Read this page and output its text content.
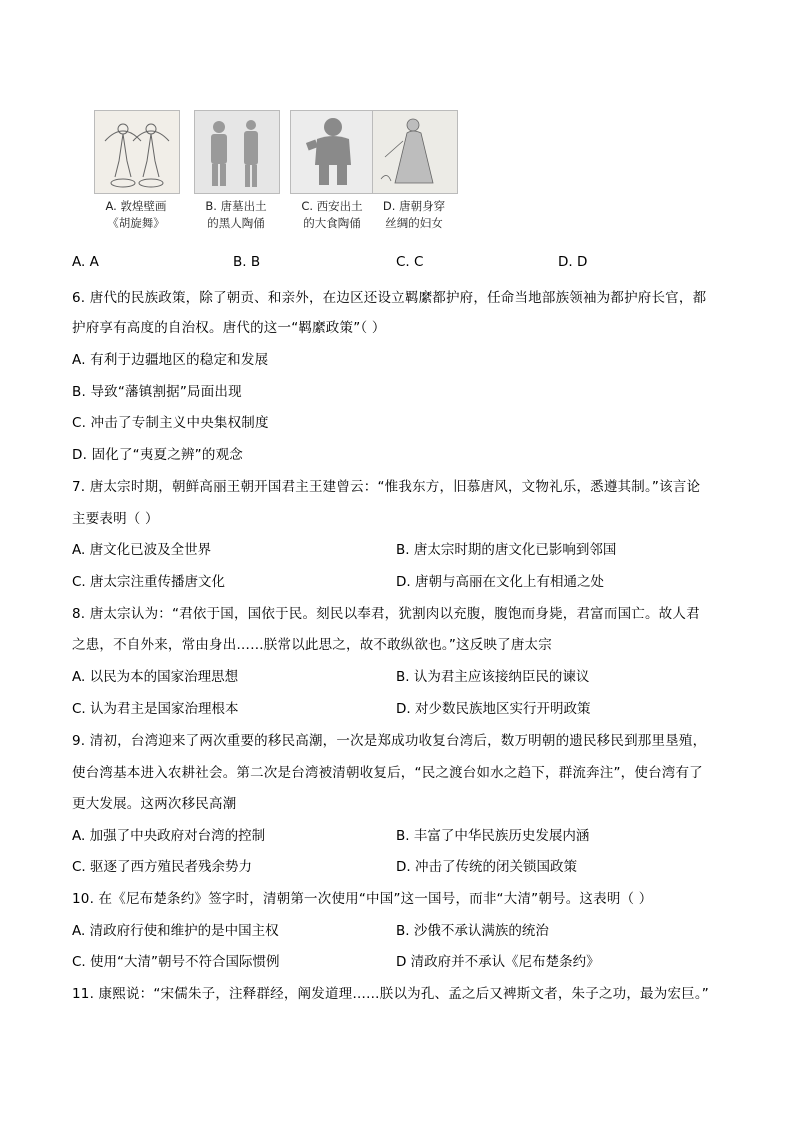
A. 敦煌壁画
《胡旋舞》
B. 唐墓出土
的黑人陶俑
C. 西安出土
的大食陶俑
D. 唐朝身穿
丝绸的妇女
A. A	B. B	C. C	D. D
6. 唐代的民族政策，除了朝贡、和亲外，在边区还设立羁縻都护府，任命当地部族领袖为都护府长官，都
护府享有高度的自治权。唐代的这一“羁縻政策”（ ）
A. 有利于边疆地区的稳定和发展
B. 导致“藩镇割据”局面出现
C. 冲击了专制主义中央集权制度
D. 固化了“夷夏之辨”的观念
7. 唐太宗时期，朝鲜高丽王朝开国君主王建曾云：“惟我东方，旧慕唐风，文物礼乐，悉遵其制。”该言论
主要表明（ ）
A. 唐文化已波及全世界	B. 唐太宗时期的唐文化已影响到邻国
C. 唐太宗注重传播唐文化	D. 唐朝与高丽在文化上有相通之处
8. 唐太宗认为：“君依于国，国依于民。刻民以奉君，犹割肉以充腹，腹饱而身毙，君富而国亡。故人君
之患，不自外来，常由身出……朕常以此思之，故不敢纵欲也。”这反映了唐太宗
A. 以民为本的国家治理思想	B. 认为君主应该接纳臣民的谏议
C. 认为君主是国家治理根本	D. 对少数民族地区实行开明政策
9. 清初，台湾迎来了两次重要的移民高潮，一次是郑成功收复台湾后，数万明朝的遗民移民到那里垦殖，
使台湾基本进入农耕社会。第二次是台湾被清朝收复后，“民之渡台如水之趋下，群流奔注”，使台湾有了
更大发展。这两次移民高潮
A. 加强了中央政府对台湾的控制	B. 丰富了中华民族历史发展内涵
C. 驱逐了西方殖民者残余势力	D. 冲击了传统的闭关锁国政策
10. 在《尼布楚条约》签字时，清朝第一次使用“中国”这一国号，而非“大清”朝号。这表明（ ）
A. 清政府行使和维护的是中国主权	B. 沙俄不承认满族的统治
C. 使用“大清”朝号不符合国际惯例	D 清政府并不承认《尼布楚条约》
11. 康熙说：“宋儒朱子，注释群经，阐发道理……朕以为孔、孟之后又裨斯文者，朱子之功，最为宏巨。”
